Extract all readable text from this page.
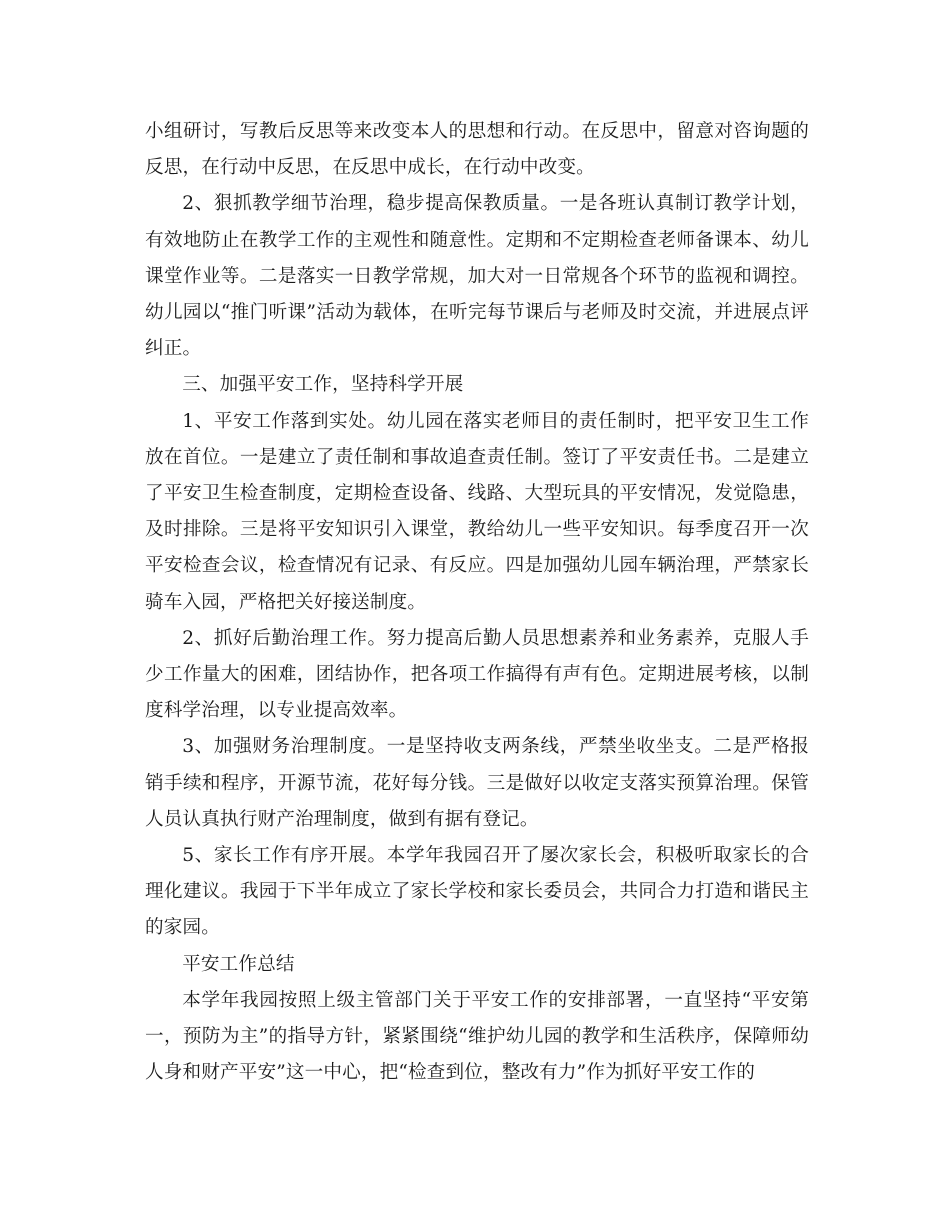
小组研讨，写教后反思等来改变本人的思想和行动。在反思中，留意对咨询题的反思，在行动中反思，在反思中成长，在行动中改变。

2、狠抓教学细节治理，稳步提高保教质量。一是各班认真制订教学计划，有效地防止在教学工作的主观性和随意性。定期和不定期检查老师备课本、幼儿课堂作业等。二是落实一日教学常规，加大对一日常规各个环节的监视和调控。幼儿园以“推门听课”活动为载体，在听完每节课后与老师及时交流，并进展点评纠正。

三、加强平安工作，坚持科学开展

1、平安工作落到实处。幼儿园在落实老师目的责任制时，把平安卫生工作放在首位。一是建立了责任制和事故追查责任制。签订了平安责任书。二是建立了平安卫生检查制度，定期检查设备、线路、大型玩具的平安情况，发觉隐患，及时排除。三是将平安知识引入课堂，教给幼儿一些平安知识。每季度召开一次平安检查会议，检查情况有记录、有反应。四是加强幼儿园车辆治理，严禁家长骑车入园，严格把关好接送制度。

2、抓好后勤治理工作。努力提高后勤人员思想素养和业务素养，克服人手少工作量大的困难，团结协作，把各项工作搞得有声有色。定期进展考核，以制度科学治理，以专业提高效率。

3、加强财务治理制度。一是坚持收支两条线，严禁坐收坐支。二是严格报销手续和程序，开源节流，花好每分钱。三是做好以收定支落实预算治理。保管人员认真执行财产治理制度，做到有据有登记。

5、家长工作有序开展。本学年我园召开了屡次家长会，积极听取家长的合理化建议。我园于下半年成立了家长学校和家长委员会，共同合力打造和谐民主的家园。

平安工作总结

本学年我园按照上级主管部门关于平安工作的安排部署，一直坚持“平安第一，预防为主”的指导方针，紧紧围绕“维护幼儿园的教学和生活秩序，保障师幼人身和财产平安”这一中心，把“检查到位，整改有力”作为抓好平安工作的
